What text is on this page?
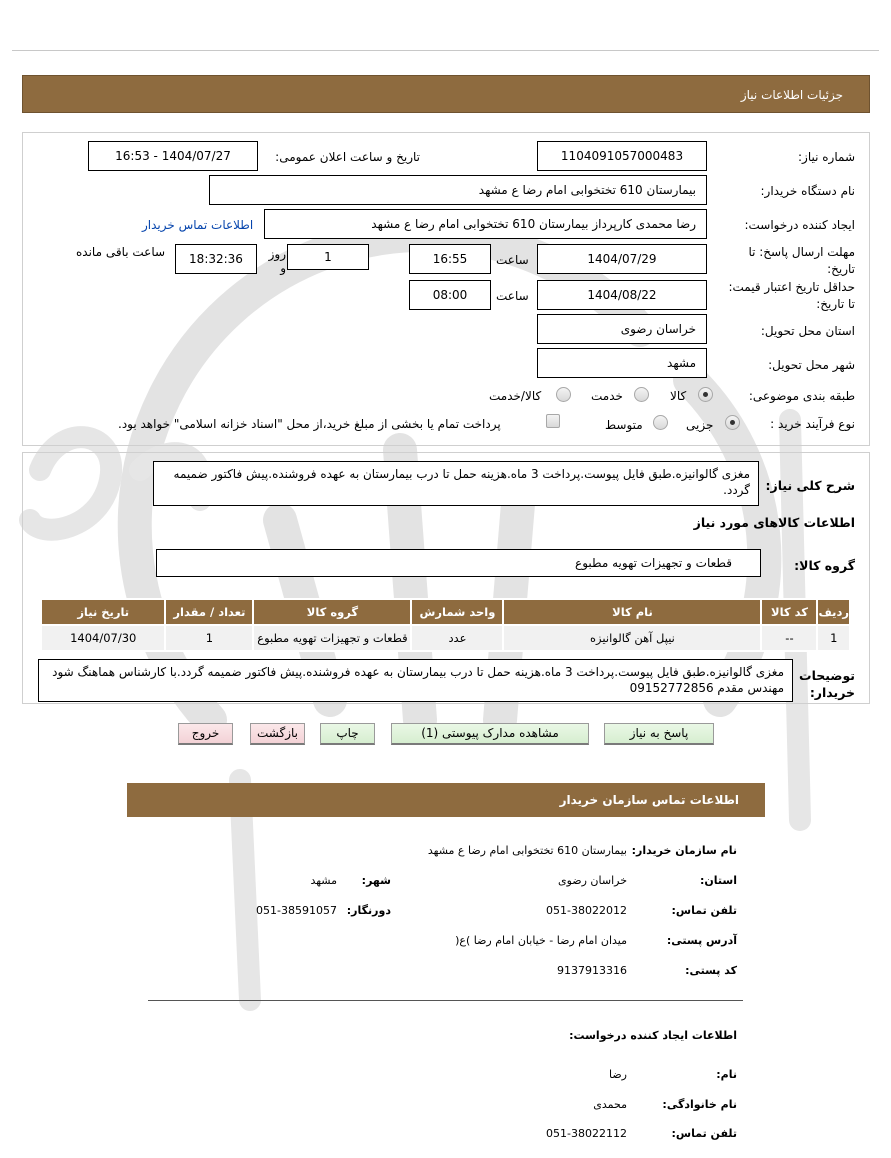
جزئیات اطلاعات نیاز
شماره نیاز:
1104091057000483
تاریخ و ساعت اعلان عمومی:
1404/07/27 - 16:53
نام دستگاه خریدار:
بیمارستان 610 تختخوابی امام رضا ع مشهد
ایجاد کننده درخواست:
رضا محمدی کارپرداز بیمارستان 610 تختخوابی امام رضا ع مشهد
اطلاعات تماس خریدار
مهلت ارسال پاسخ: تا
تاریخ:
1404/07/29
ساعت
16:55
1
روز و
18:32:36
ساعت باقی مانده
حداقل تاریخ اعتبار قیمت:
تا تاریخ:
1404/08/22
ساعت
08:00
استان محل تحویل:
خراسان رضوی
شهر محل تحویل:
مشهد
طبقه بندی موضوعی:
کالا
خدمت
کالا/خدمت
نوع فرآیند خرید :
جزیی
متوسط
پرداخت تمام یا بخشی از مبلغ خرید،از محل "اسناد خزانه اسلامی" خواهد بود.
شرح کلی نیاز:
مغزی گالوانیزه.طبق فایل پیوست.پرداخت 3 ماه.هزینه حمل تا درب بیمارستان به عهده فروشنده.پیش فاکتور ضمیمه گردد.
اطلاعات کالاهای مورد نیاز
گروه کالا:
قطعات و تجهیزات تهویه مطبوع
ردیف	کد کالا	نام کالا	واحد شمارش	گروه کالا	تعداد / مقدار	تاریخ نیاز
1	--	نیپل آهن گالوانیزه	عدد	قطعات و تجهیزات تهویه مطبوع	1	1404/07/30
توضیحات
خریدار:
مغزی گالوانیزه.طبق فایل پیوست.پرداخت 3 ماه.هزینه حمل تا درب بیمارستان به عهده فروشنده.پیش فاکتور ضمیمه گردد.با کارشناس هماهنگ شود مهندس مقدم 09152772856
پاسخ به نیاز
مشاهده مدارک پیوستی (1)
چاپ
بازگشت
خروج
اطلاعات تماس سازمان خریدار
نام سازمان خریدار:
بیمارستان 610 تختخوابی امام رضا ع مشهد
استان:
خراسان رضوی
شهر:
مشهد
تلفن تماس:
051-38022012
دورنگار:
051-38591057
آدرس پستی:
میدان امام رضا - خیابان امام رضا )ع(
کد پستی:
9137913316
اطلاعات ایجاد کننده درخواست:
نام:
رضا
نام خانوادگی:
محمدی
تلفن تماس:
051-38022112
